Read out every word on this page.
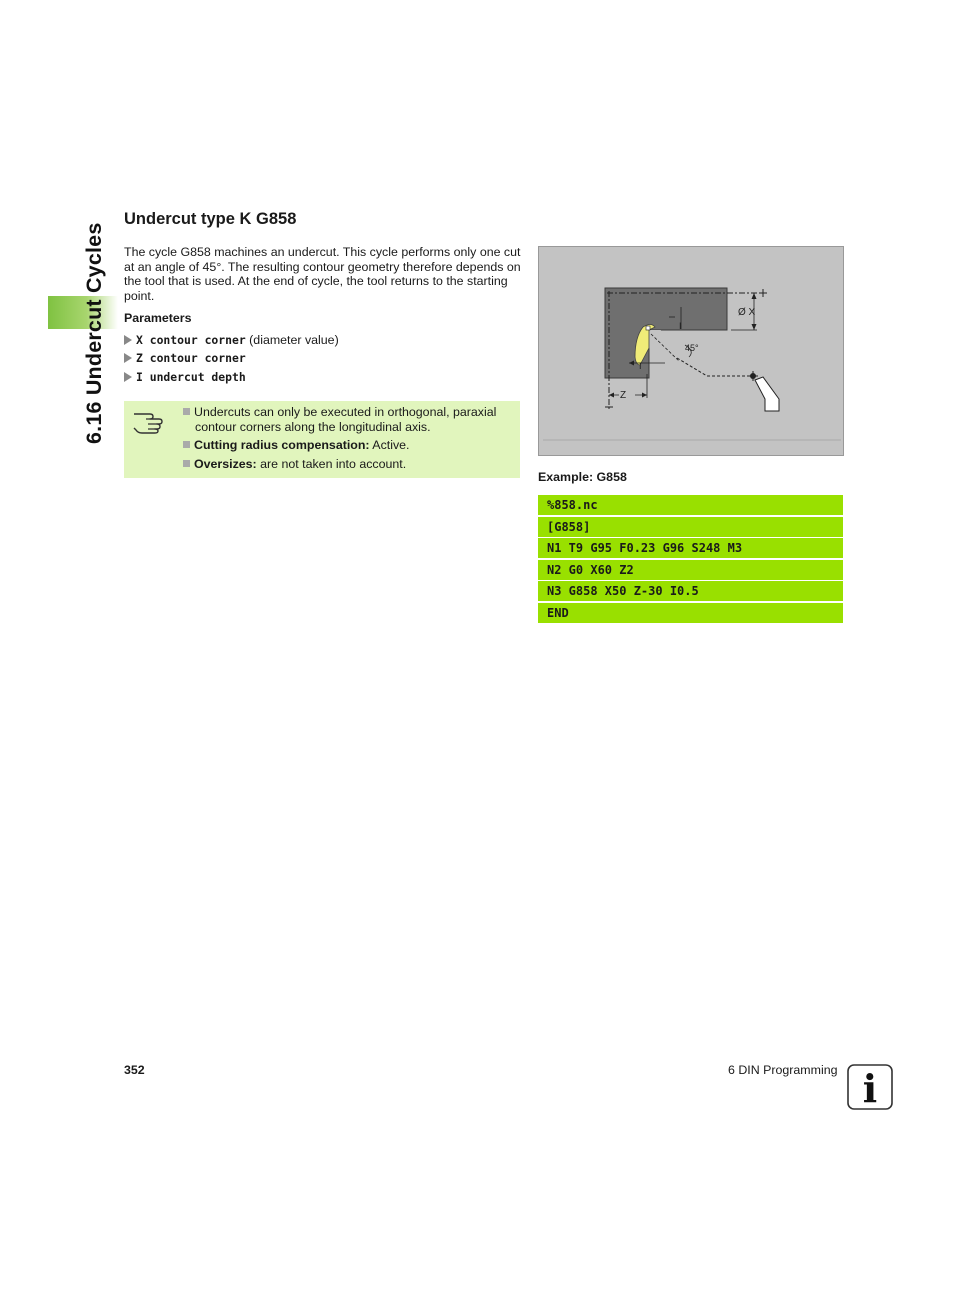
6.16 Undercut Cycles
Undercut type K G858

The cycle G858 machines an undercut. This cycle performs only one cut at an angle of 45°. The resulting contour geometry therefore depends on the tool that is used. At the end of cycle, the tool returns to the starting point.

Parameters
X contour corner (diameter value)
Z contour corner
I undercut depth
Undercuts can only be executed in orthogonal, paraxial
contour corners along the longitudinal axis.
Cutting radius compensation: Active.
Oversizes: are not taken into account.
Ø X
I
I
45°
Z
Example: G858
%858.nc
[G858]
N1 T9 G95 F0.23 G96 S248 M3
N2 G0 X60 Z2
N3 G858 X50 Z-30 I0.5
END
352	6 DIN Programming i
